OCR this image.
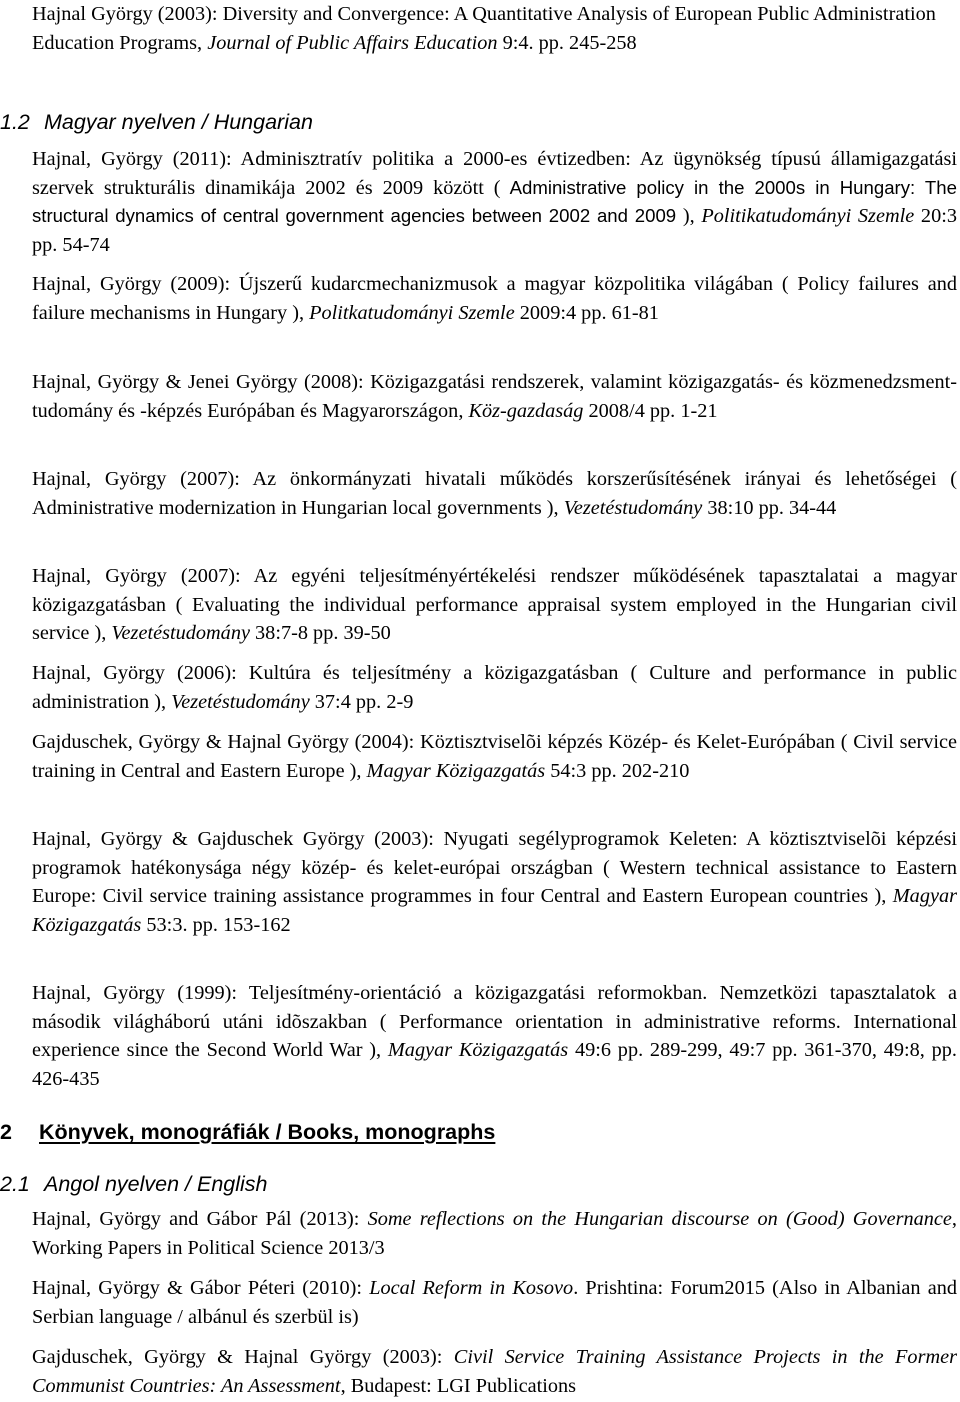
Hajnal György (2003): Diversity and Convergence: A Quantitative Analysis of European Public Administration Education Programs, Journal of Public Affairs Education 9:4. pp. 245-258

1.2 Magyar nyelven / Hungarian

Hajnal, György (2011): Adminisztratív politika a 2000-es évtizedben: Az ügynökség típusú államigazgatási szervek strukturális dinamikája 2002 és 2009 között ( Administrative policy in the 2000s in Hungary: The structural dynamics of central government agencies between 2002 and 2009 ), Politikatudományi Szemle 20:3 pp. 54-74

Hajnal, György (2009): Újszerű kudarcmechanizmusok a magyar közpolitika világában ( Policy failures and failure mechanisms in Hungary ), Politkatudományi Szemle 2009:4 pp. 61-81

Hajnal, György & Jenei György (2008): Közigazgatási rendszerek, valamint közigazgatás- és közmenedzsment-tudomány és -képzés Európában és Magyarországon, Köz-gazdaság 2008/4 pp. 1-21

Hajnal, György (2007): Az önkormányzati hivatali működés korszerűsítésének irányai és lehetőségei ( Administrative modernization in Hungarian local governments ), Vezetéstudomány 38:10 pp. 34-44

Hajnal, György (2007): Az egyéni teljesítményértékelési rendszer működésének tapasztalatai a magyar közigazgatásban ( Evaluating the individual performance appraisal system employed in the Hungarian civil service ), Vezetéstudomány 38:7-8 pp. 39-50

Hajnal, György (2006): Kultúra és teljesítmény a közigazgatásban ( Culture and performance in public administration ), Vezetéstudomány 37:4 pp. 2-9

Gajduschek, György & Hajnal György (2004): Köztisztviselõi képzés Közép- és Kelet-Európában ( Civil service training in Central and Eastern Europe ), Magyar Közigazgatás 54:3 pp. 202-210

Hajnal, György & Gajduschek György (2003): Nyugati segélyprogramok Keleten: A köztisztviselõi képzési programok hatékonysága négy közép- és kelet-európai országban ( Western technical assistance to Eastern Europe: Civil service training assistance programmes in four Central and Eastern European countries ), Magyar Közigazgatás 53:3. pp. 153-162

Hajnal, György (1999): Teljesítmény-orientáció a közigazgatási reformokban. Nemzetközi tapasztalatok a második világháború utáni idõszakban ( Performance orientation in administrative reforms. International experience since the Second World War ), Magyar Közigazgatás 49:6 pp. 289-299, 49:7 pp. 361-370, 49:8, pp. 426-435

2 Könyvek, monográfiák / Books, monographs
2.1 Angol nyelven / English

Hajnal, György and Gábor Pál (2013): Some reflections on the Hungarian discourse on (Good) Governance, Working Papers in Political Science 2013/3

Hajnal, György & Gábor Péteri (2010): Local Reform in Kosovo. Prishtina: Forum2015 (Also in Albanian and Serbian language / albánul és szerbül is)

Gajduschek, György & Hajnal György (2003): Civil Service Training Assistance Projects in the Former Communist Countries: An Assessment, Budapest: LGI Publications
